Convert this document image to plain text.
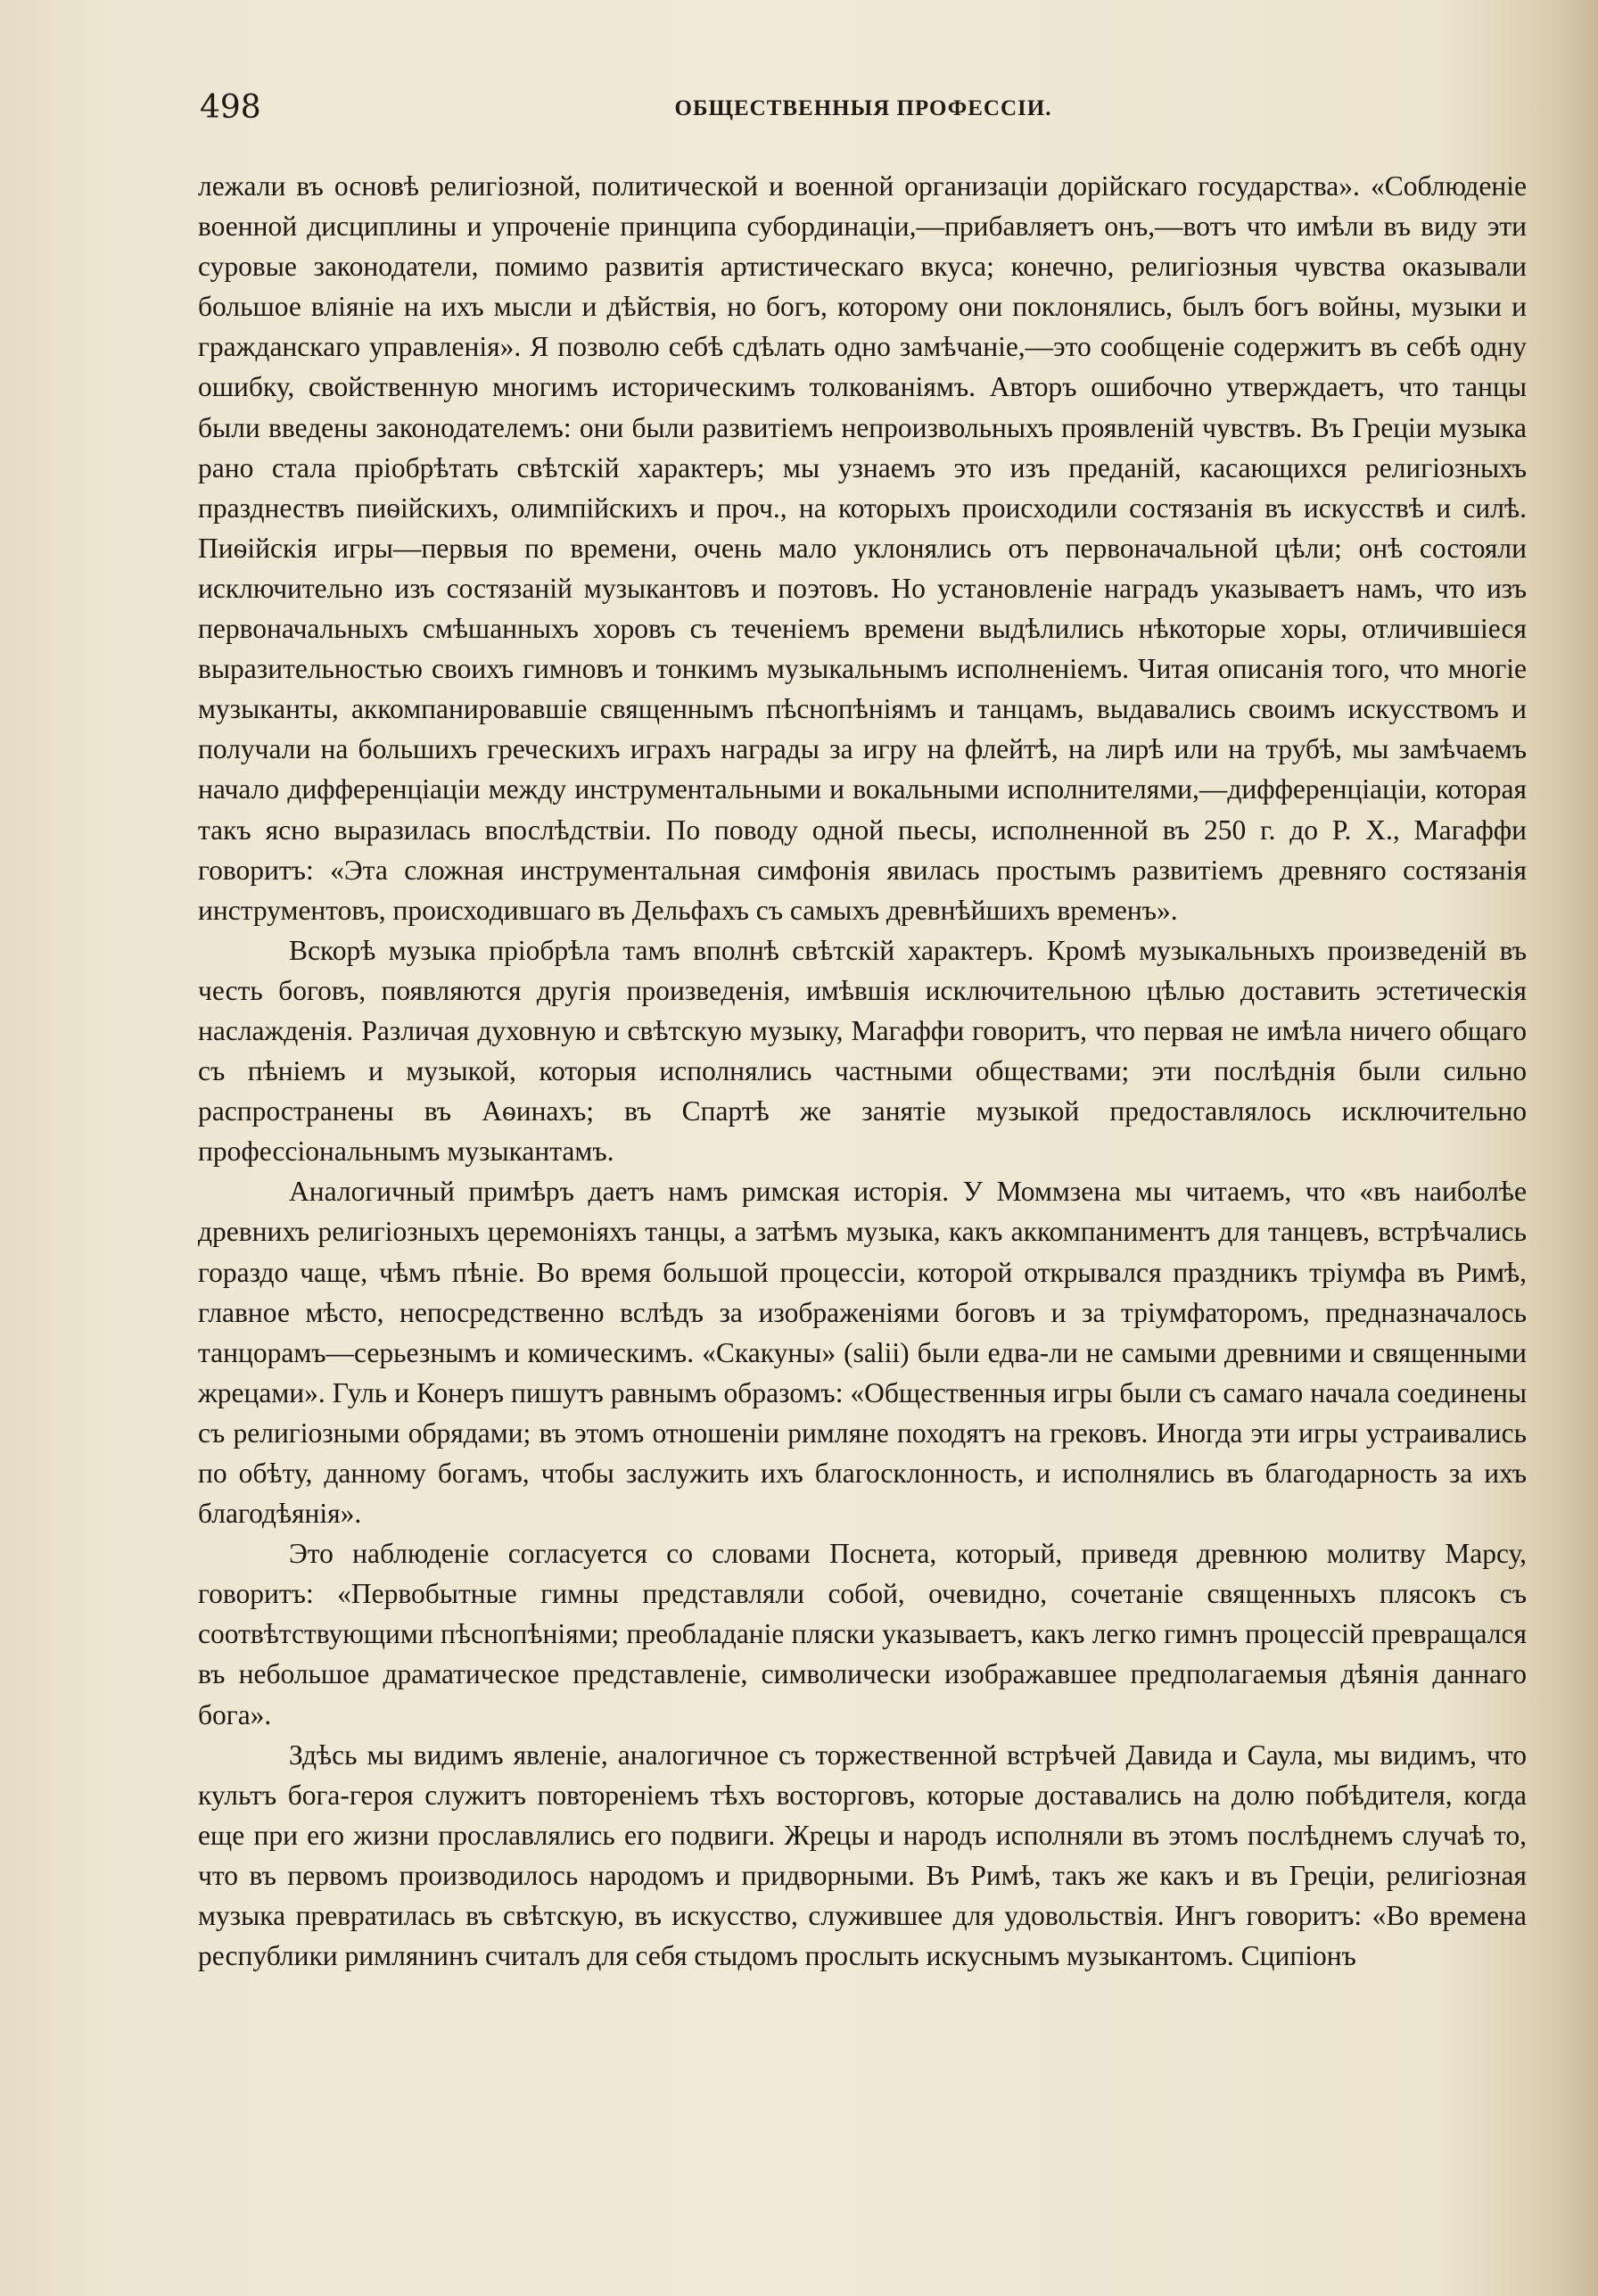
498	ОБЩЕСТВЕННЫЯ ПРОФЕССІИ.

лежали въ основѣ религіозной, политической и военной организаціи дорійскаго государства». «Соблюденіе военной дисциплины и упроченіе принципа субординаціи,—прибавляетъ онъ,—вотъ что имѣли въ виду эти суровые законодатели, помимо развитія артистическаго вкуса; конечно, религіозныя чувства оказывали большое вліяніе на ихъ мысли и дѣйствія, но богъ, которому они поклонялись, былъ богъ войны, музыки и гражданскаго управленія». Я позволю себѣ сдѣлать одно замѣчаніе,—это сообщеніе содержитъ въ себѣ одну ошибку, свойственную многимъ историческимъ толкованіямъ. Авторъ ошибочно утверждаетъ, что танцы были введены законодателемъ: они были развитіемъ непроизвольныхъ проявленій чувствъ. Въ Греціи музыка рано стала пріобрѣтать свѣтскій характеръ; мы узнаемъ это изъ преданій, касающихся религіозныхъ празднествъ пиѳійскихъ, олимпійскихъ и проч., на которыхъ происходили состязанія въ искусствѣ и силѣ. Пиѳійскія игры—первыя по времени, очень мало уклонялись отъ первоначальной цѣли; онѣ состояли исключительно изъ состязаній музыкантовъ и поэтовъ. Но установленіе наградъ указываетъ намъ, что изъ первоначальныхъ смѣшанныхъ хоровъ съ теченіемъ времени выдѣлились нѣкоторые хоры, отличившіеся выразительностью своихъ гимновъ и тонкимъ музыкальнымъ исполненіемъ. Читая описанія того, что многіе музыканты, аккомпанировавшіе священнымъ пѣснопѣніямъ и танцамъ, выдавались своимъ искусствомъ и получали на большихъ греческихъ играхъ награды за игру на флейтѣ, на лирѣ или на трубѣ, мы замѣчаемъ начало дифференціаціи между инструментальными и вокальными исполнителями,—дифференціаціи, которая такъ ясно выразилась впослѣдствіи. По поводу одной пьесы, исполненной въ 250 г. до Р. X., Магаффи говоритъ: «Эта сложная инструментальная симфонія явилась простымъ развитіемъ древняго состязанія инструментовъ, происходившаго въ Дельфахъ съ самыхъ древнѣйшихъ временъ».

Вскорѣ музыка пріобрѣла тамъ вполнѣ свѣтскій характеръ. Кромѣ музыкальныхъ произведеній въ честь боговъ, появляются другія произведенія, имѣвшія исключительною цѣлью доставить эстетическія наслажденія. Различая духовную и свѣтскую музыку, Магаффи говоритъ, что первая не имѣла ничего общаго съ пѣніемъ и музыкой, которыя исполнялись частными обществами; эти послѣднія были сильно распространены въ Аѳинахъ; въ Спартѣ же занятіе музыкой предоставлялось исключительно профессіональнымъ музыкантамъ.

Аналогичный примѣръ даетъ намъ римская исторія. У Моммзена мы читаемъ, что «въ наиболѣе древнихъ религіозныхъ церемоніяхъ танцы, а затѣмъ музыка, какъ аккомпаниментъ для танцевъ, встрѣчались гораздо чаще, чѣмъ пѣніе. Во время большой процессіи, которой открывался праздникъ тріумфа въ Римѣ, главное мѣсто, непосредственно вслѣдъ за изображеніями боговъ и за тріумфаторомъ, предназначалось танцорамъ—серьезнымъ и комическимъ. «Скакуны» (salii) были едва-ли не самыми древними и священными жрецами». Гуль и Конеръ пишутъ равнымъ образомъ: «Общественныя игры были съ самаго начала соединены съ религіозными обрядами; въ этомъ отношеніи римляне походятъ на грековъ. Иногда эти игры устраивались по обѣту, данному богамъ, чтобы заслужить ихъ благосклонность, и исполнялись въ благодарность за ихъ благодѣянія».

Это наблюденіе согласуется со словами Поснета, который, приведя древнюю молитву Марсу, говоритъ: «Первобытные гимны представляли собой, очевидно, сочетаніе священныхъ плясокъ съ соотвѣтствующими пѣснопѣніями; преобладаніе пляски указываетъ, какъ легко гимнъ процессій превращался въ небольшое драматическое представленіе, символически изображавшее предполагаемыя дѣянія даннаго бога».

Здѣсь мы видимъ явленіе, аналогичное съ торжественной встрѣчей Давида и Саула, мы видимъ, что культъ бога-героя служитъ повтореніемъ тѣхъ восторговъ, которые доставались на долю побѣдителя, когда еще при его жизни прославлялись его подвиги. Жрецы и народъ исполняли въ этомъ послѣднемъ случаѣ то, что въ первомъ производилось народомъ и придворными. Въ Римѣ, такъ же какъ и въ Греціи, религіозная музыка превратилась въ свѣтскую, въ искусство, служившее для удовольствія. Ингъ говоритъ: «Во времена республики римлянинъ считалъ для себя стыдомъ прослыть искуснымъ музыкантомъ. Сципіонъ
